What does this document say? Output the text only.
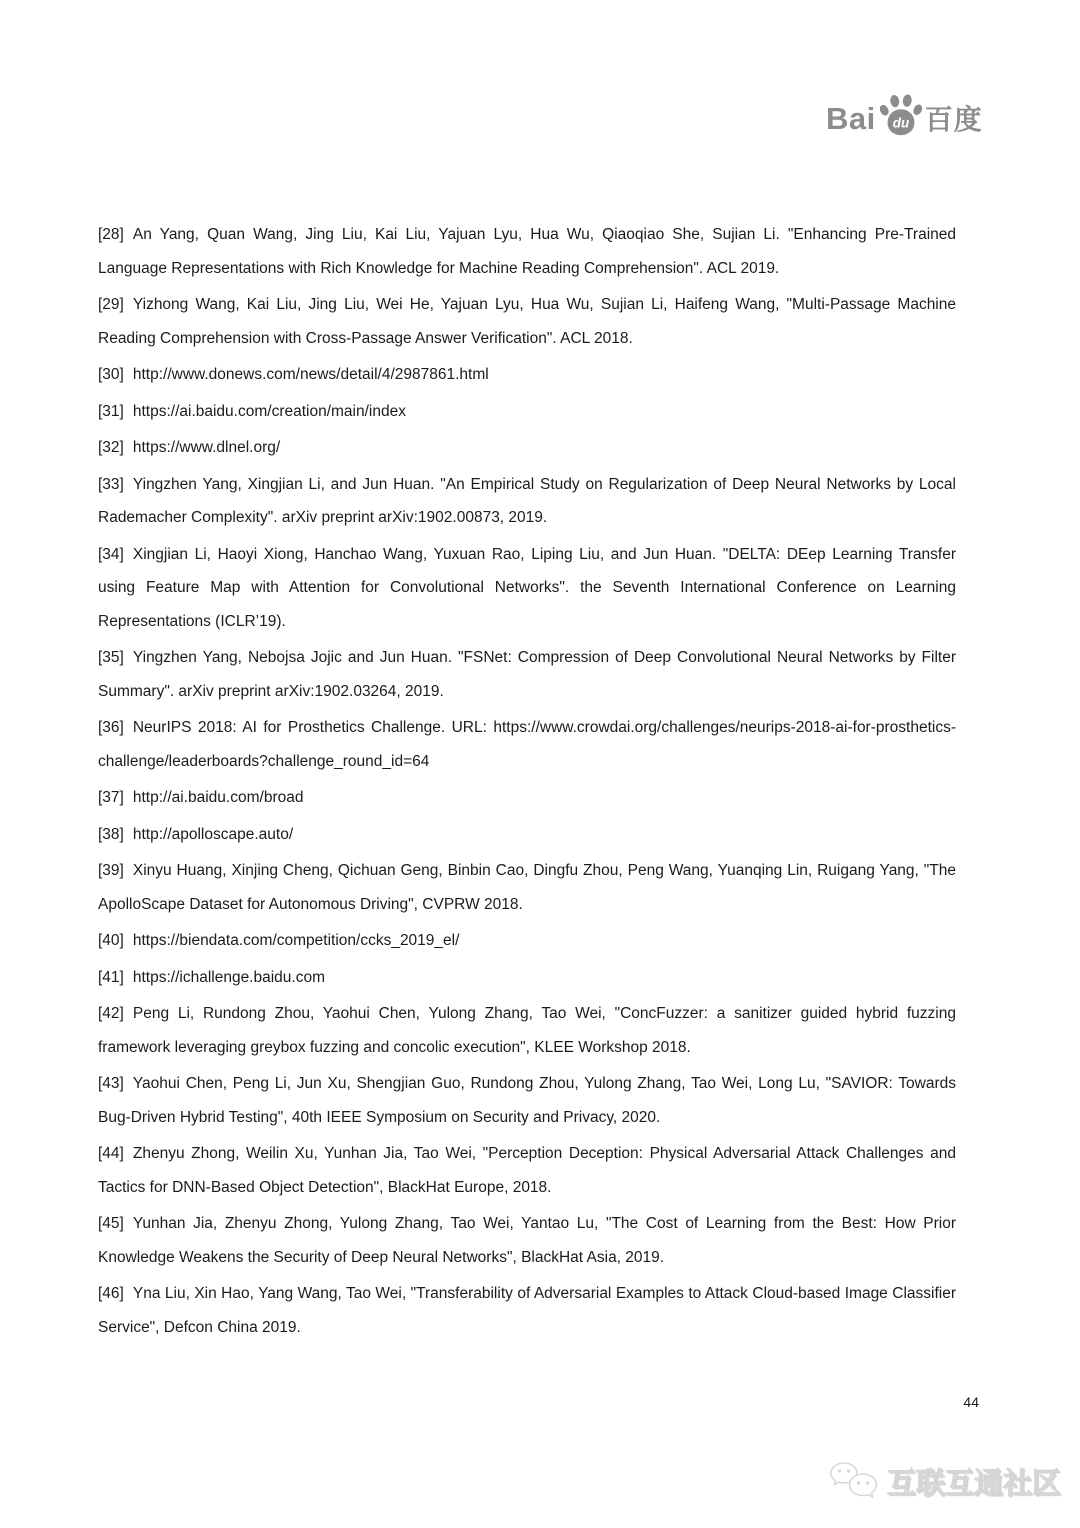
Bai du 百度

[28] An Yang, Quan Wang, Jing Liu, Kai Liu, Yajuan Lyu, Hua Wu, Qiaoqiao She, Sujian Li. "Enhancing Pre-Trained Language Representations with Rich Knowledge for Machine Reading Comprehension". ACL 2019.

[29] Yizhong Wang, Kai Liu, Jing Liu, Wei He, Yajuan Lyu, Hua Wu, Sujian Li, Haifeng Wang, "Multi-Passage Machine Reading Comprehension with Cross-Passage Answer Verification". ACL 2018.

[30] http://www.donews.com/news/detail/4/2987861.html

[31] https://ai.baidu.com/creation/main/index

[32] https://www.dlnel.org/

[33] Yingzhen Yang, Xingjian Li, and Jun Huan. "An Empirical Study on Regularization of Deep Neural Networks by Local Rademacher Complexity". arXiv preprint arXiv:1902.00873, 2019.

[34] Xingjian Li, Haoyi Xiong, Hanchao Wang, Yuxuan Rao, Liping Liu, and Jun Huan. "DELTA: DEep Learning Transfer using Feature Map with Attention for Convolutional Networks". the Seventh International Conference on Learning Representations (ICLR’19).

[35] Yingzhen Yang, Nebojsa Jojic and Jun Huan. "FSNet: Compression of Deep Convolutional Neural Networks by Filter Summary". arXiv preprint arXiv:1902.03264, 2019.

[36] NeurIPS 2018: AI for Prosthetics Challenge. URL: https://www.crowdai.org/challenges/neurips-2018-ai-for-prosthetics-challenge/leaderboards?challenge_round_id=64

[37] http://ai.baidu.com/broad

[38] http://apolloscape.auto/

[39] Xinyu Huang, Xinjing Cheng, Qichuan Geng, Binbin Cao, Dingfu Zhou, Peng Wang, Yuanqing Lin, Ruigang Yang, "The ApolloScape Dataset for Autonomous Driving", CVPRW 2018.

[40] https://biendata.com/competition/ccks_2019_el/

[41] https://ichallenge.baidu.com

[42] Peng Li, Rundong Zhou, Yaohui Chen, Yulong Zhang, Tao Wei, "ConcFuzzer: a sanitizer guided hybrid fuzzing framework leveraging greybox fuzzing and concolic execution", KLEE Workshop 2018.

[43] Yaohui Chen, Peng Li, Jun Xu, Shengjian Guo, Rundong Zhou, Yulong Zhang, Tao Wei, Long Lu, "SAVIOR: Towards Bug-Driven Hybrid Testing", 40th IEEE Symposium on Security and Privacy, 2020.

[44] Zhenyu Zhong, Weilin Xu, Yunhan Jia, Tao Wei, "Perception Deception: Physical Adversarial Attack Challenges and Tactics for DNN-Based Object Detection", BlackHat Europe, 2018.

[45] Yunhan Jia, Zhenyu Zhong, Yulong Zhang, Tao Wei, Yantao Lu, "The Cost of Learning from the Best: How Prior Knowledge Weakens the Security of Deep Neural Networks", BlackHat Asia, 2019.

[46] Yna Liu, Xin Hao, Yang Wang, Tao Wei, "Transferability of Adversarial Examples to Attack Cloud-based Image Classifier Service", Defcon China 2019.

44
互联互通社区
